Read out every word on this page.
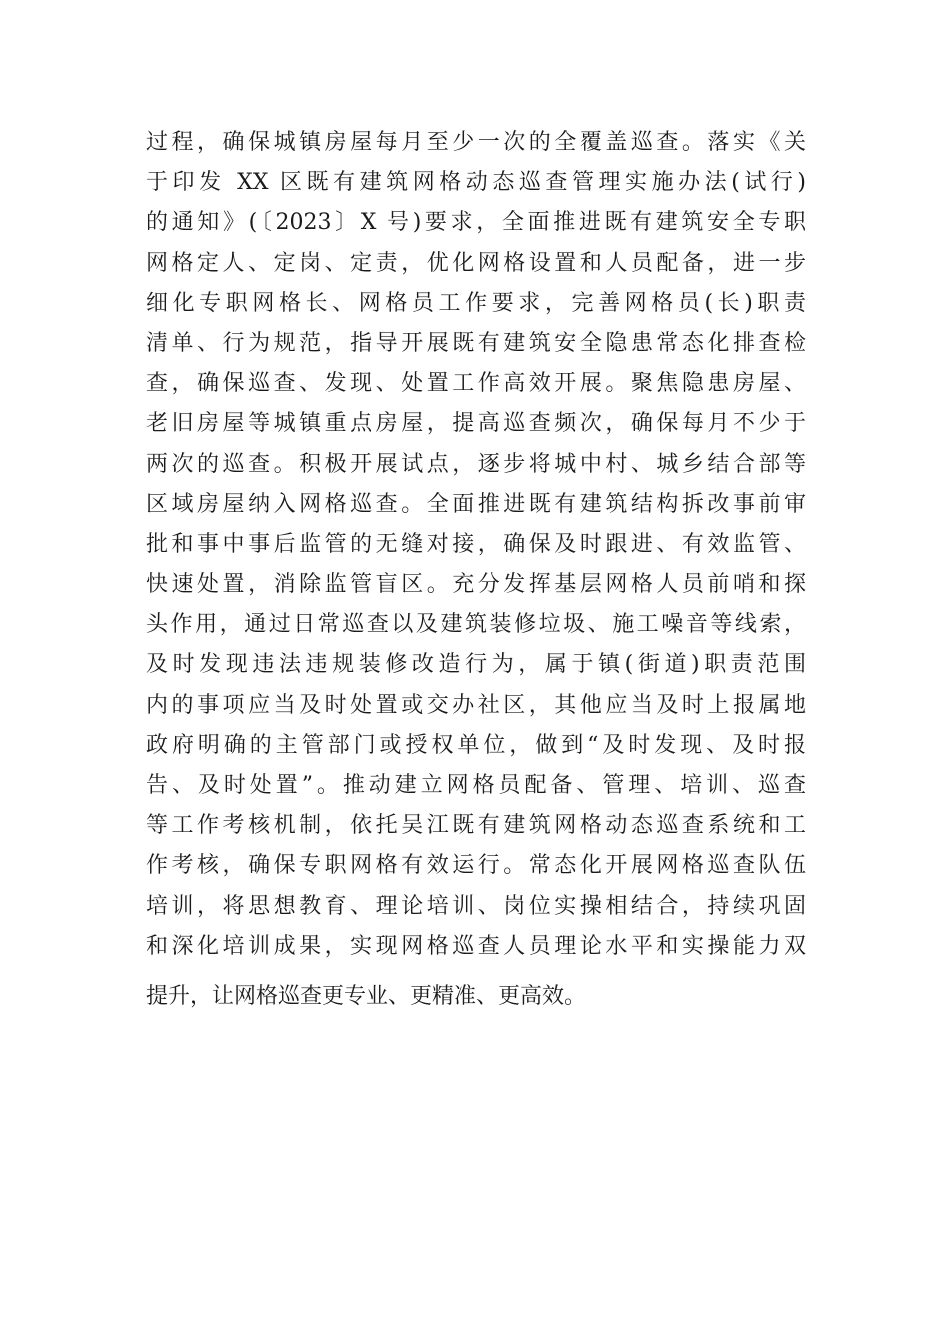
过程，确保城镇房屋每月至少一次的全覆盖巡查。落实《关
于印发 XX 区既有建筑网格动态巡查管理实施办法(试行)
的通知》(〔2023〕X 号)要求，全面推进既有建筑安全专职
网格定人、定岗、定责，优化网格设置和人员配备，进一步
细化专职网格长、网格员工作要求，完善网格员(长)职责
清单、行为规范，指导开展既有建筑安全隐患常态化排查检
查，确保巡查、发现、处置工作高效开展。聚焦隐患房屋、
老旧房屋等城镇重点房屋，提高巡查频次，确保每月不少于
两次的巡查。积极开展试点，逐步将城中村、城乡结合部等
区域房屋纳入网格巡查。全面推进既有建筑结构拆改事前审
批和事中事后监管的无缝对接，确保及时跟进、有效监管、
快速处置，消除监管盲区。充分发挥基层网格人员前哨和探
头作用，通过日常巡查以及建筑装修垃圾、施工噪音等线索，
及时发现违法违规装修改造行为，属于镇(街道)职责范围
内的事项应当及时处置或交办社区，其他应当及时上报属地
政府明确的主管部门或授权单位，做到“及时发现、及时报
告、及时处置”。推动建立网格员配备、管理、培训、巡查
等工作考核机制，依托吴江既有建筑网格动态巡查系统和工
作考核，确保专职网格有效运行。常态化开展网格巡查队伍
培训，将思想教育、理论培训、岗位实操相结合，持续巩固
和深化培训成果，实现网格巡查人员理论水平和实操能力双
提升，让网格巡查更专业、更精准、更高效。
